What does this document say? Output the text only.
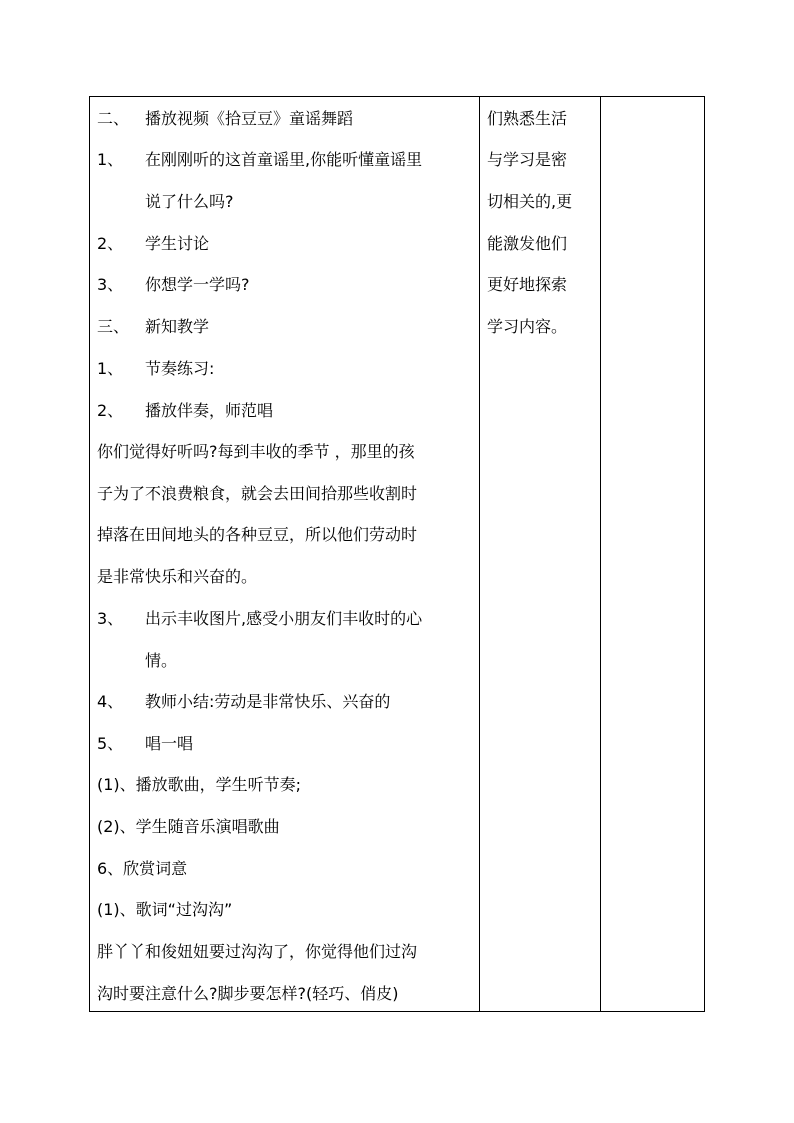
二、 播放视频《拾豆豆》童谣舞蹈
1、 在刚刚听的这首童谣里,你能听懂童谣里
说了什么吗?
2、 学生讨论
3、 你想学一学吗?
三、 新知教学
1、 节奏练习:
2、 播放伴奏，师范唱
你们觉得好听吗?每到丰收的季节 ，那里的孩
子为了不浪费粮食，就会去田间拾那些收割时
掉落在田间地头的各种豆豆，所以他们劳动时
是非常快乐和兴奋的。
3、 出示丰收图片,感受小朋友们丰收时的心
情。
4、 教师小结:劳动是非常快乐、兴奋的
5、 唱一唱
(1)、播放歌曲，学生听节奏;
(2)、学生随音乐演唱歌曲
6、欣赏词意
(1)、歌词“过沟沟”
胖丫丫和俊妞妞要过沟沟了，你觉得他们过沟
沟时要注意什么?脚步要怎样?(轻巧、俏皮)
们熟悉生活
与学习是密
切相关的,更
能激发他们
更好地探索
学习内容。
